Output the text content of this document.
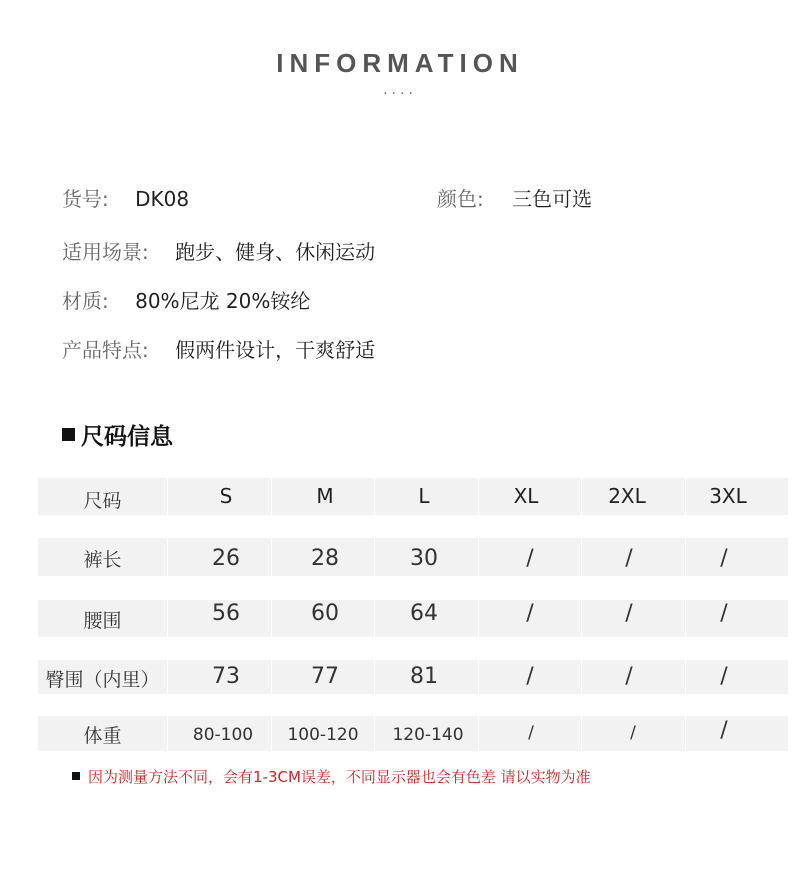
INFORMATION
····
货号: DK08	颜色: 三色可选
适用场景: 跑步、健身、休闲运动
材质: 80%尼龙 20%铵纶
产品特点: 假两件设计，干爽舒适
尺码信息
尺码	S	M	L	XL	2XL	3XL
裤长	26	28	30	/	/	/
腰围	56	60	64	/	/	/
臀围（内里）	73	77	81	/	/	/
体重	80-100	100-120	120-140	/	/	/
因为测量方法不同，会有1-3CM误差，不同显示器也会有色差 请以实物为准
